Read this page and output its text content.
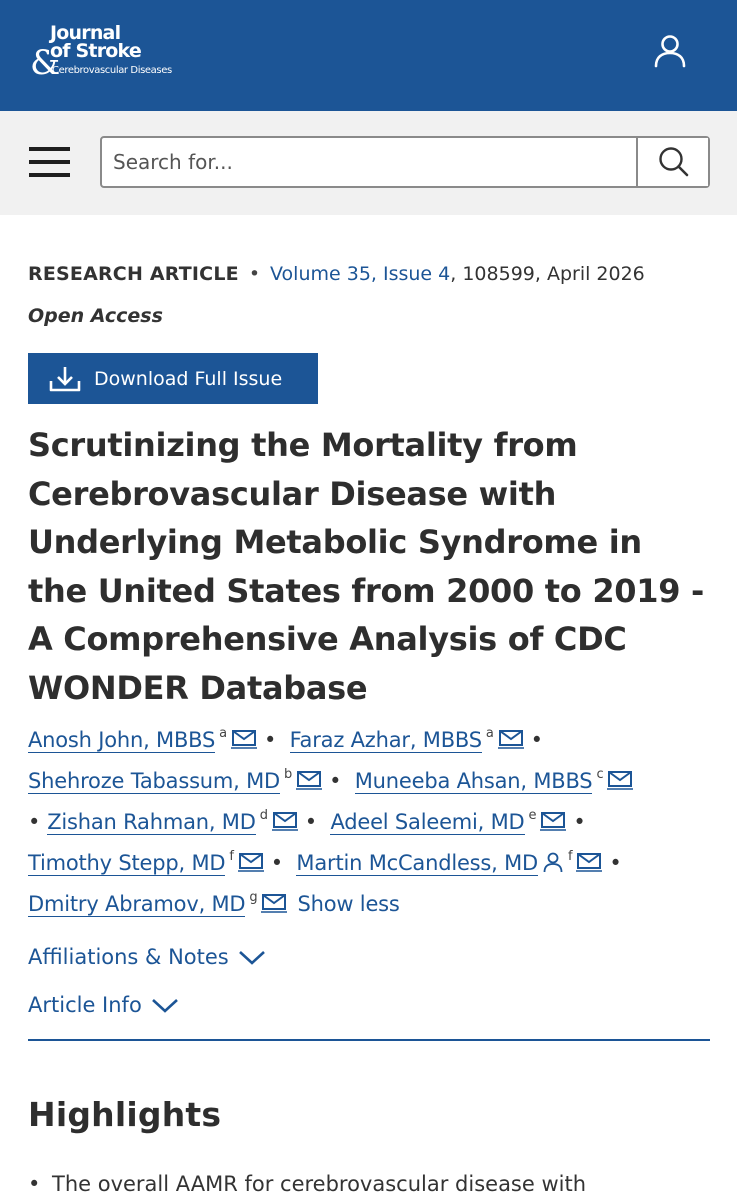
Journal
of Stroke
&
Cerebrovascular Diseases
Search for...
RESEARCH ARTICLE • Volume 35, Issue 4, 108599, April 2026
Open Access
Download Full Issue
Scrutinizing the Mortality from Cerebrovascular Disease with Underlying Metabolic Syndrome in the United States from 2000 to 2019 - A Comprehensive Analysis of CDC WONDER Database
Anosh John, MBBS $^a$ • Faraz Azhar, MBBS $^a$ •
Shehroze Tabassum, MD $^b$ • Muneeba Ahsan, MBBS $^c$
• Zishan Rahman, MD $^d$ • Adeel Saleemi, MD $^e$ •
Timothy Stepp, MD $^f$ • Martin McCandless, MD $^f$ •
Dmitry Abramov, MD $^g$ Show less
Affiliations & Notes
Article Info
Highlights
• The overall AAMR for cerebrovascular disease with
